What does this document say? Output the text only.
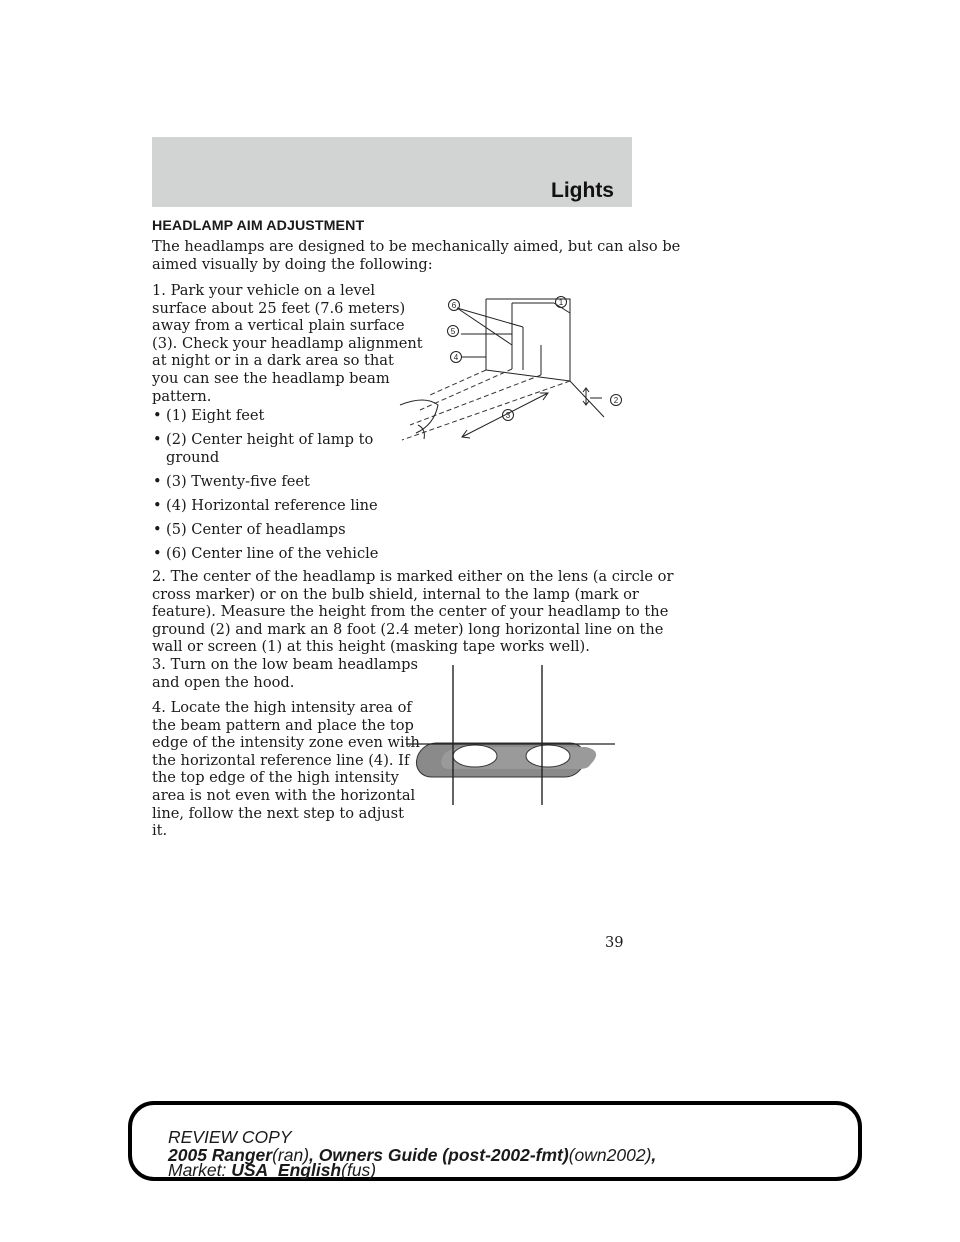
Lights
HEADLAMP AIM ADJUSTMENT

The headlamps are designed to be mechanically aimed, but can also be

aimed visually by doing the following:

1. Park your vehicle on a level

surface about 25 feet (7.6 meters)

away from a vertical plain surface

(3). Check your headlamp alignment

at night or in a dark area so that

you can see the headlamp beam

pattern.

• (1) Eight feet
• (2) Center height of lamp to
ground
• (3) Twenty-five feet
• (4) Horizontal reference line
• (5) Center of headlamps
• (6) Center line of the vehicle

2. The center of the headlamp is marked either on the lens (a circle or

cross marker) or on the bulb shield, internal to the lamp (mark or

feature). Measure the height from the center of your headlamp to the

ground (2) and mark an 8 foot (2.4 meter) long horizontal line on the

wall or screen (1) at this height (masking tape works well).

3. Turn on the low beam headlamps

and open the hood.

4. Locate the high intensity area of

the beam pattern and place the top

edge of the intensity zone even with

the horizontal reference line (4). If

the top edge of the high intensity

area is not even with the horizontal

line, follow the next step to adjust

it.

6
5
4
1
2
3
39
REVIEW COPY
2005 Ranger(ran), Owners Guide (post-2002-fmt)(own2002),
Market: USA_English(fus)
